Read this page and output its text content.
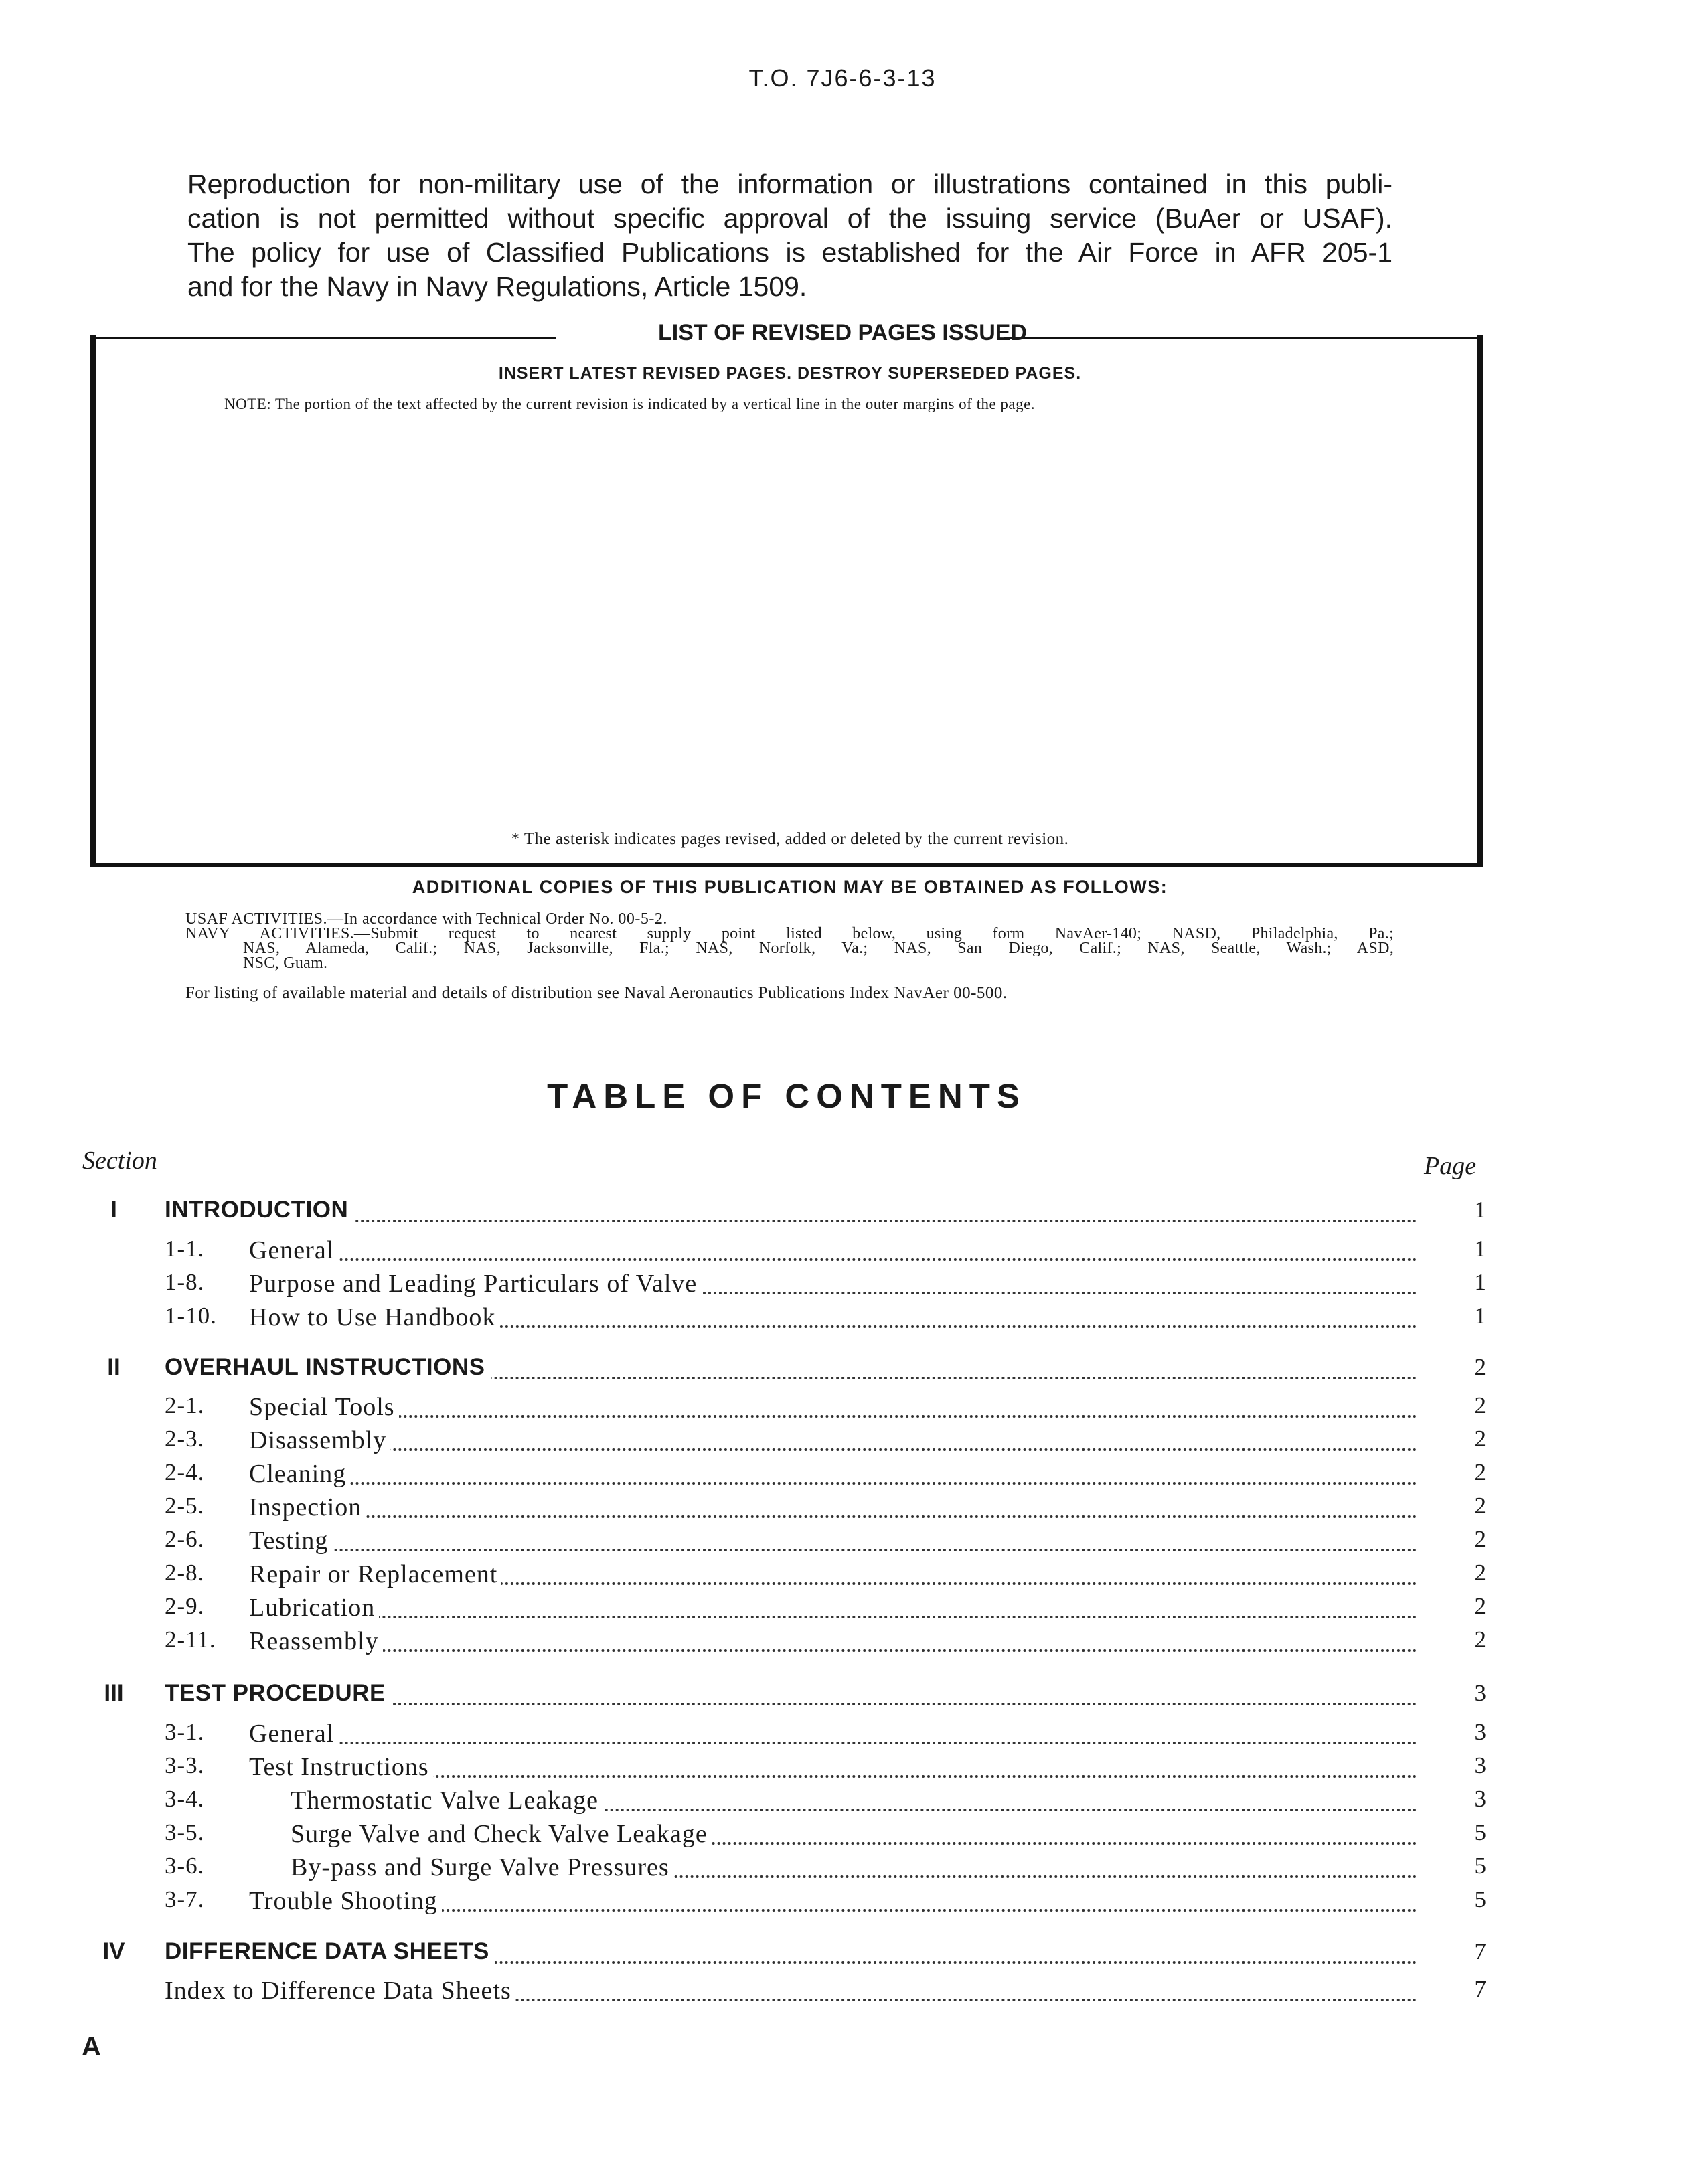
T.O. 7J6-6-3-13
Reproduction for non-military use of the information or illustrations contained in this publi-
cation is not permitted without specific approval of the issuing service (BuAer or USAF).
The policy for use of Classified Publications is established for the Air Force in AFR 205-1
and for the Navy in Navy Regulations, Article 1509.
LIST OF REVISED PAGES ISSUED
INSERT LATEST REVISED PAGES. DESTROY SUPERSEDED PAGES.
NOTE: The portion of the text affected by the current revision is indicated by a vertical line in the outer margins of the page.
* The asterisk indicates pages revised, added or deleted by the current revision.
ADDITIONAL COPIES OF THIS PUBLICATION MAY BE OBTAINED AS FOLLOWS:
USAF ACTIVITIES.—In accordance with Technical Order No. 00-5-2.
NAVY ACTIVITIES.—Submit request to nearest supply point listed below, using form NavAer-140; NASD, Philadelphia, Pa.;
NAS, Alameda, Calif.; NAS, Jacksonville, Fla.; NAS, Norfolk, Va.; NAS, San Diego, Calif.; NAS, Seattle, Wash.; ASD,
NSC, Guam.
For listing of available material and details of distribution see Naval Aeronautics Publications Index NavAer 00-500.
TABLE OF CONTENTS
Section	Page
I	INTRODUCTION	1
1-1. General	1
1-8. Purpose and Leading Particulars of Valve	1
1-10. How to Use Handbook	1
II	OVERHAUL INSTRUCTIONS	2
2-1. Special Tools	2
2-3. Disassembly	2
2-4. Cleaning	2
2-5. Inspection	2
2-6. Testing	2
2-8. Repair or Replacement	2
2-9. Lubrication	2
2-11. Reassembly	2
III	TEST PROCEDURE	3
3-1. General	3
3-3. Test Instructions	3
3-4.	Thermostatic Valve Leakage	3
3-5.	Surge Valve and Check Valve Leakage	5
3-6.	By-pass and Surge Valve Pressures	5
3-7. Trouble Shooting	5
IV	DIFFERENCE DATA SHEETS	7
Index to Difference Data Sheets	7
A
